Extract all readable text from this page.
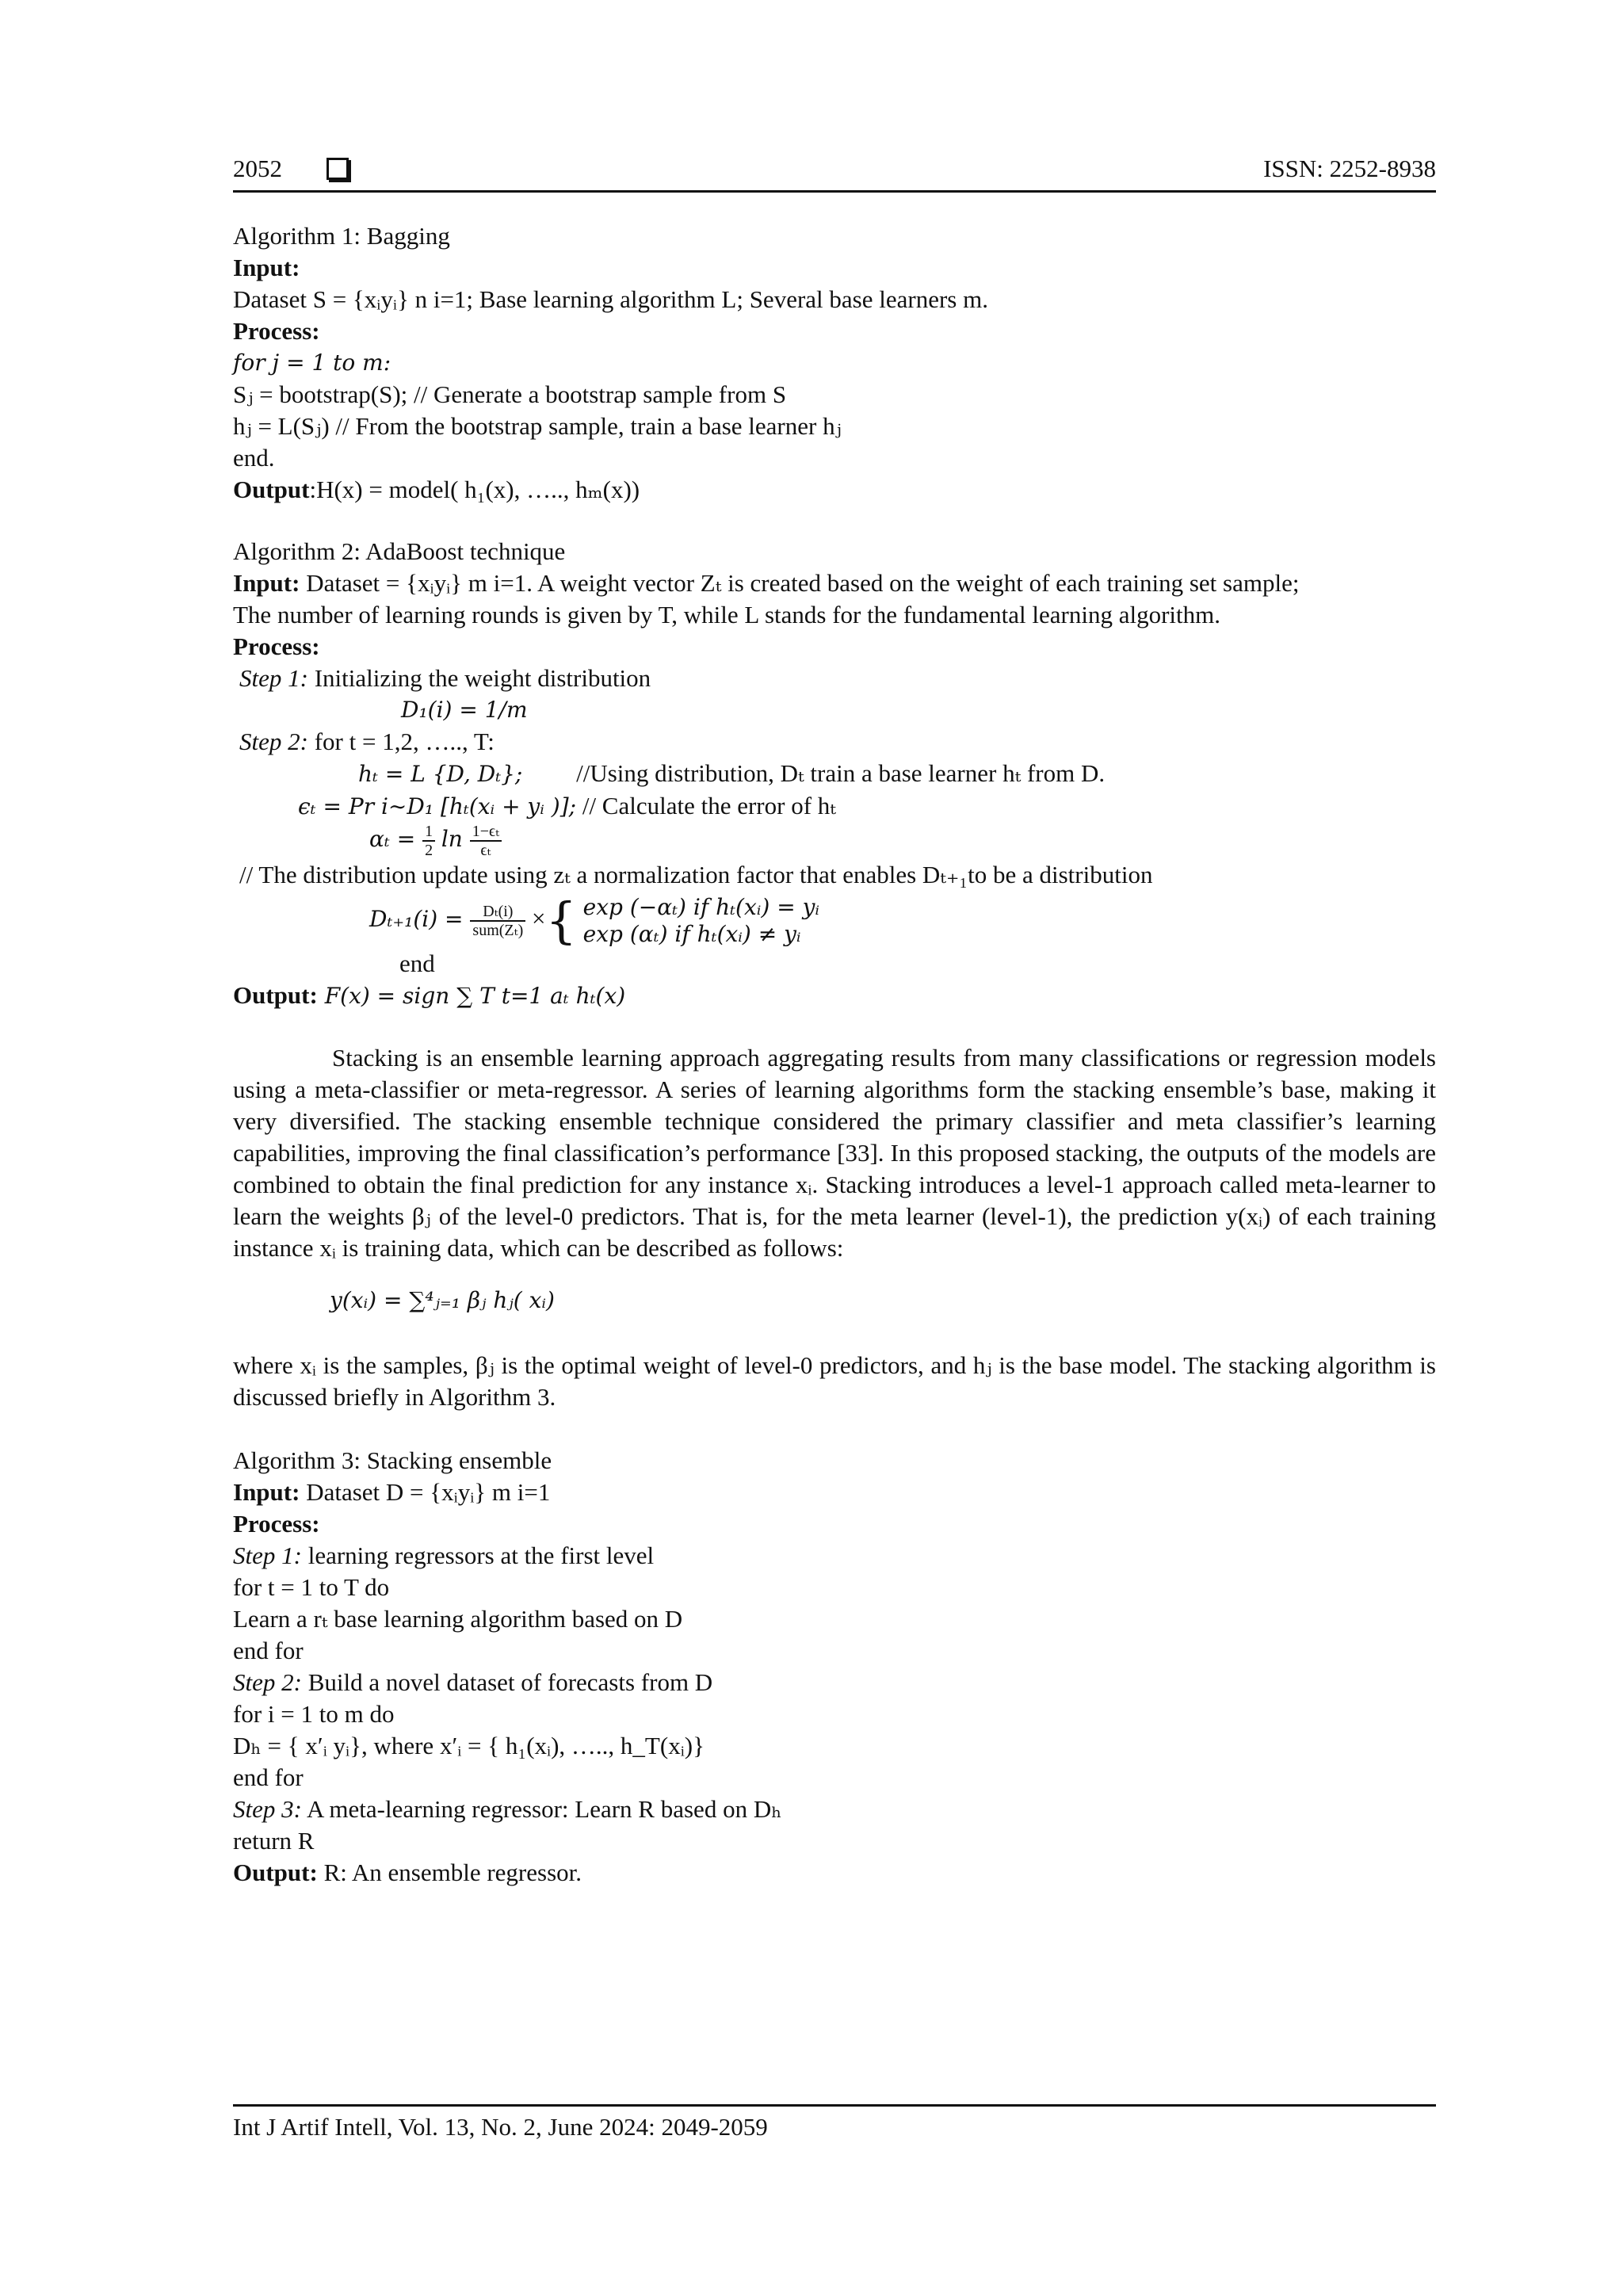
2052	ISSN: 2252-8938
Algorithm 1: Bagging
Input:
Dataset S = {xᵢyᵢ} n i=1; Base learning algorithm L; Several base learners m.
Process:
for j = 1 to m:
Sⱼ = bootstrap(S); // Generate a bootstrap sample from S
hⱼ = L(Sⱼ) // From the bootstrap sample, train a base learner hⱼ
end.
Output:H(x) = model( h₁(x), ….., hₘ(x))
Algorithm 2: AdaBoost technique
Input: Dataset = {xᵢyᵢ} m i=1. A weight vector Zₜ is created based on the weight of each training set sample;
The number of learning rounds is given by T, while L stands for the fundamental learning algorithm.
Process:
Step 1: Initializing the weight distribution
D₁(i) = 1/m
Step 2: for t = 1,2, ….., T:
hₜ = L {D, Dₜ}; //Using distribution, Dₜ train a base learner hₜ from D.
ϵₜ = Pr i∼D₁ [hₜ(xᵢ + yᵢ )]; // Calculate the error of hₜ
$\alpha_t = \frac{1}{2}$ $\ln \frac{\text{1−ϵₜ}}{\text{ϵₜ}}$
// The distribution update using zₜ a normalization factor that enables Dₜ₊₁to be a distribution
$D_{t+1}(i) = \frac{\text{Dₜ(i)}}{\text{sum(Zₜ)}}$ ×{ exp (−αₜ) if hₜ(xᵢ) = yᵢ
exp (αₜ) if hₜ(xᵢ) ≠ yᵢ
end
Output: F(x) = sign ∑ T t=1 aₜ hₜ(x)

Stacking is an ensemble learning approach aggregating results from many classifications or regression models using a meta-classifier or meta-regressor. A series of learning algorithms form the stacking ensemble’s base, making it very diversified. The stacking ensemble technique considered the primary classifier and meta classifier’s learning capabilities, improving the final classification’s performance [33]. In this proposed stacking, the outputs of the models are combined to obtain the final prediction for any instance xᵢ. Stacking introduces a level-1 approach called meta-learner to learn the weights βⱼ of the level-0 predictors. That is, for the meta learner (level-1), the prediction y(xᵢ) of each training instance xᵢ is training data, which can be described as follows:

y(xᵢ) = ∑⁴ⱼ₌₁ βⱼ hⱼ( xᵢ)

where xᵢ is the samples, βⱼ is the optimal weight of level-0 predictors, and hⱼ is the base model. The stacking algorithm is discussed briefly in Algorithm 3.

Algorithm 3: Stacking ensemble
Input: Dataset D = {xᵢyᵢ} m i=1
Process:
Step 1: learning regressors at the first level
for t = 1 to T do
Learn a rₜ base learning algorithm based on D
end for
Step 2: Build a novel dataset of forecasts from D
for i = 1 to m do
Dₕ = { x′ᵢ yᵢ}, where x′ᵢ = { h₁(xᵢ), ….., h_T(xᵢ)}
end for
Step 3: A meta-learning regressor: Learn R based on Dₕ
return R
Output: R: An ensemble regressor.
Int J Artif Intell, Vol. 13, No. 2, June 2024: 2049-2059
